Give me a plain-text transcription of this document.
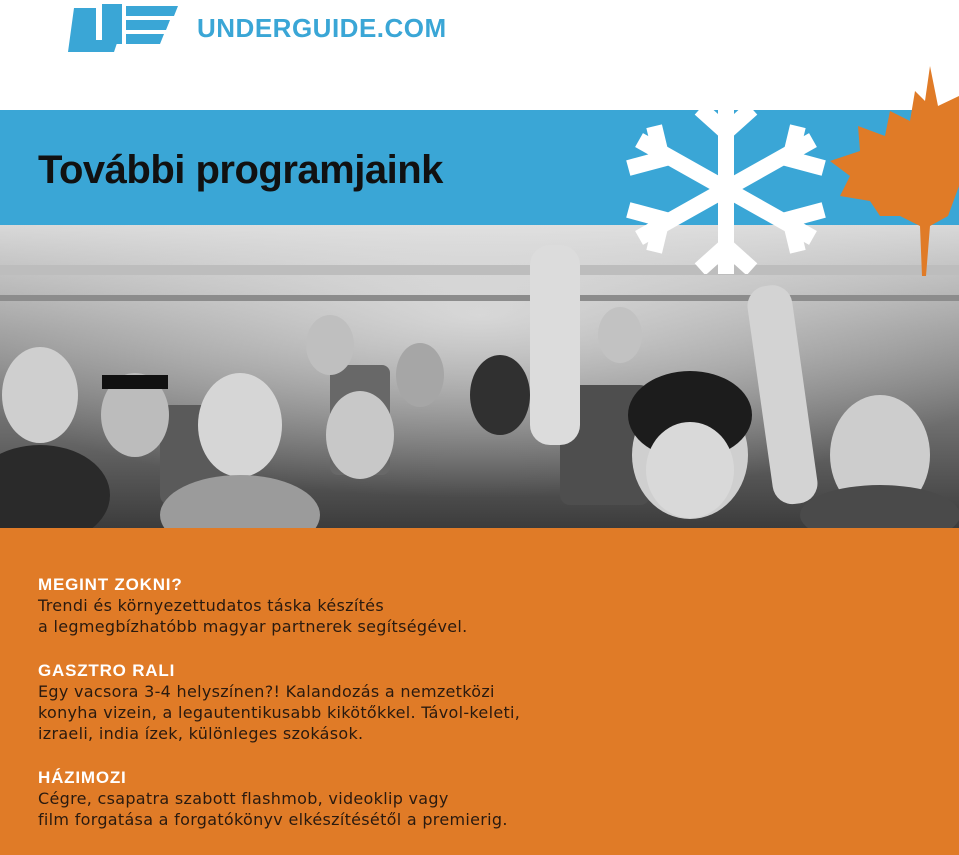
UNDERGUIDE.COM
További programjaink
MEGINT ZOKNI?

Trendi és környezettudatos táska készítés
a legmegbízhatóbb magyar partnerek segítségével.

GASZTRO RALI

Egy vacsora 3-4 helyszínen?! Kalandozás a nemzetközi
konyha vizein, a legautentikusabb kikötőkkel. Távol-keleti,
izraeli, india ízek, különleges szokások.

HÁZIMOZI

Cégre, csapatra szabott flashmob, videoklip vagy
film forgatása a forgatókönyv elkészítésétől a premierig.
